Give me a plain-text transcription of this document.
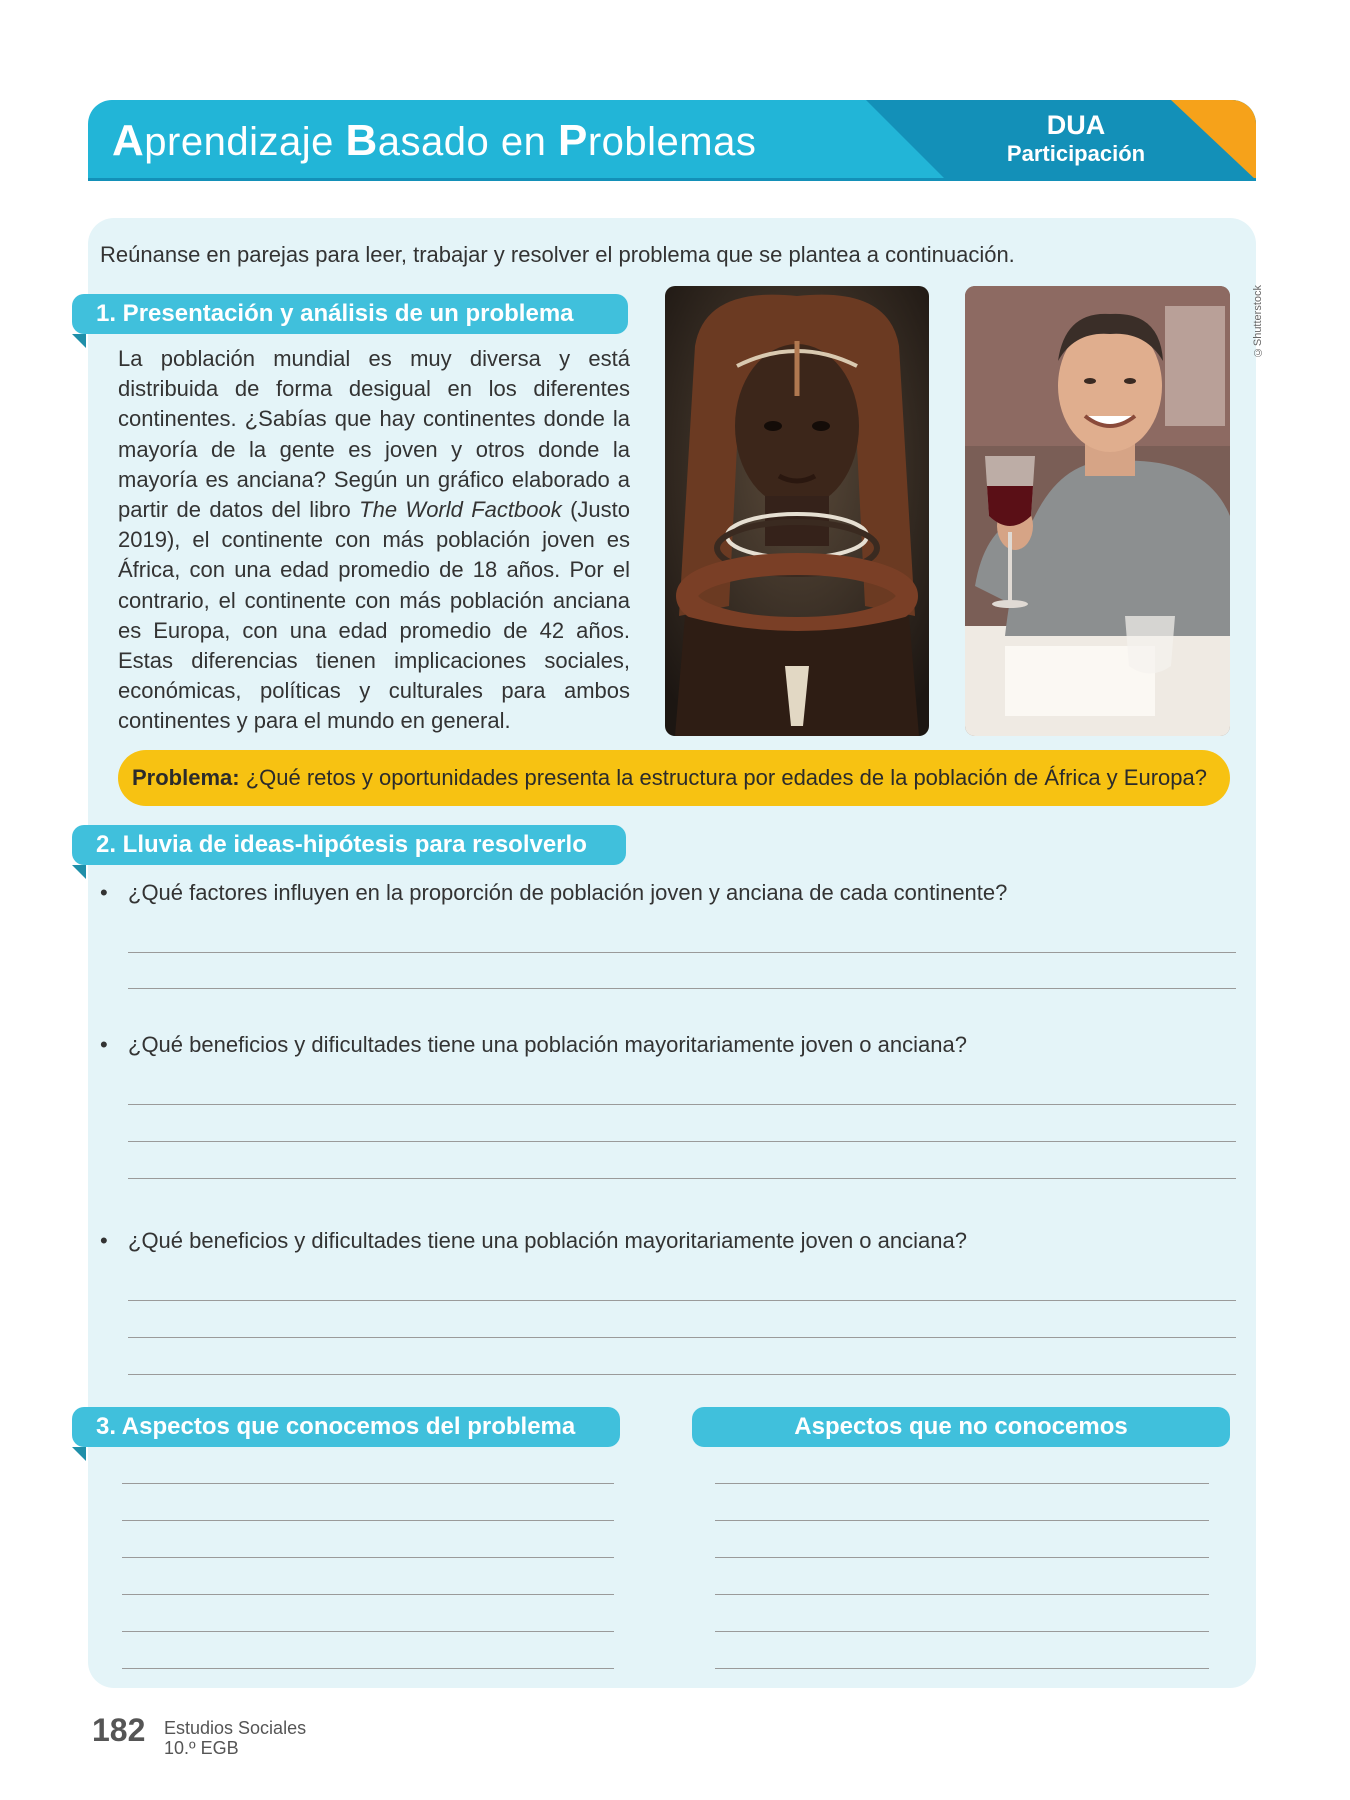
Aprendizaje Basado en Problemas	DUA
Participación
Reúnanse en parejas para leer, trabajar y resolver el problema que se plantea a continuación.
1. Presentación y análisis de un problema
La población mundial es muy diversa y está distribuida de forma desigual en los diferentes continentes. ¿Sabías que hay continentes donde la mayoría de la gente es joven y otros donde la mayoría es anciana? Según un gráfico elaborado a partir de datos del libro The World Factbook (Justo 2019), el continente con más población joven es África, con una edad promedio de 18 años. Por el contrario, el continente con más población anciana es Europa, con una edad promedio de 42 años. Estas diferencias tienen implicaciones sociales, económicas, políticas y culturales para ambos continentes y para el mundo en general.
©Shutterstock
Problema: ¿Qué retos y oportunidades presenta la estructura por edades de la población de África y Europa?
2. Lluvia de ideas-hipótesis para resolverlo
• ¿Qué factores influyen en la proporción de población joven y anciana de cada continente?
• ¿Qué beneficios y dificultades tiene una población mayoritariamente joven o anciana?
• ¿Qué beneficios y dificultades tiene una población mayoritariamente joven o anciana?
3. Aspectos que conocemos del problema	Aspectos que no conocemos
182 Estudios Sociales
10.º EGB
